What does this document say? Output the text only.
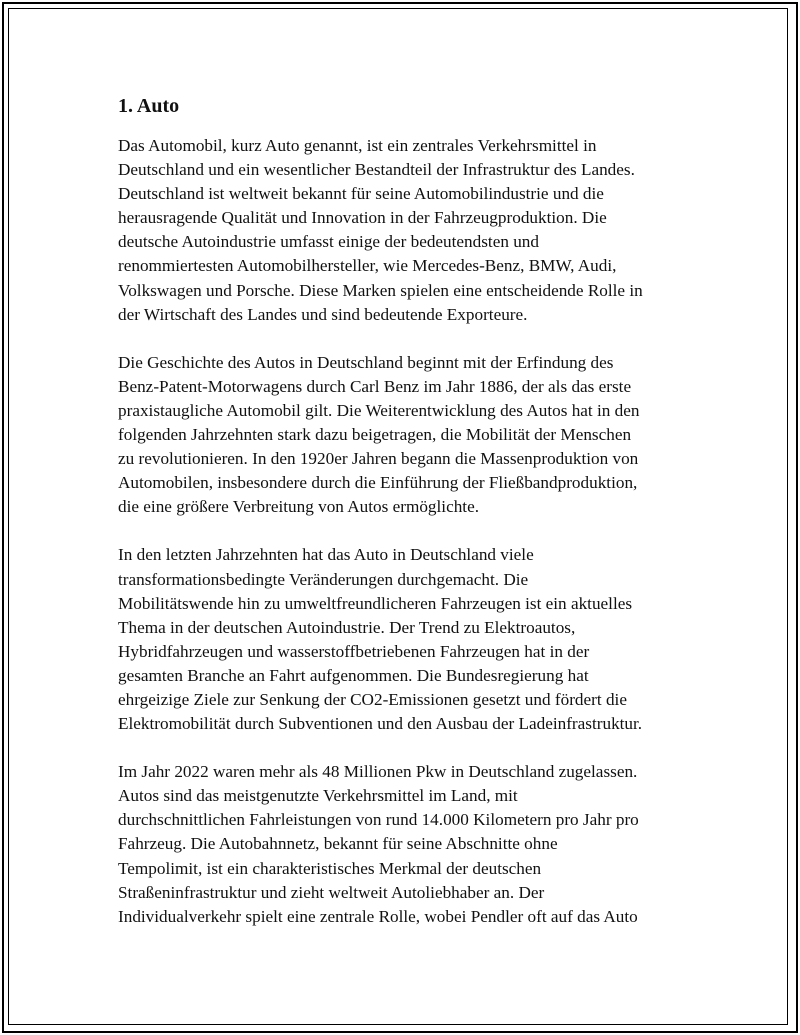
1. Auto
Das Automobil, kurz Auto genannt, ist ein zentrales Verkehrsmittel in
Deutschland und ein wesentlicher Bestandteil der Infrastruktur des Landes.
Deutschland ist weltweit bekannt für seine Automobilindustrie und die
herausragende Qualität und Innovation in der Fahrzeugproduktion. Die
deutsche Autoindustrie umfasst einige der bedeutendsten und
renommiertesten Automobilhersteller, wie Mercedes-Benz, BMW, Audi,
Volkswagen und Porsche. Diese Marken spielen eine entscheidende Rolle in
der Wirtschaft des Landes und sind bedeutende Exporteure.
Die Geschichte des Autos in Deutschland beginnt mit der Erfindung des
Benz-Patent-Motorwagens durch Carl Benz im Jahr 1886, der als das erste
praxistaugliche Automobil gilt. Die Weiterentwicklung des Autos hat in den
folgenden Jahrzehnten stark dazu beigetragen, die Mobilität der Menschen
zu revolutionieren. In den 1920er Jahren begann die Massenproduktion von
Automobilen, insbesondere durch die Einführung der Fließbandproduktion,
die eine größere Verbreitung von Autos ermöglichte.
In den letzten Jahrzehnten hat das Auto in Deutschland viele
transformationsbedingte Veränderungen durchgemacht. Die
Mobilitätswende hin zu umweltfreundlicheren Fahrzeugen ist ein aktuelles
Thema in der deutschen Autoindustrie. Der Trend zu Elektroautos,
Hybridfahrzeugen und wasserstoffbetriebenen Fahrzeugen hat in der
gesamten Branche an Fahrt aufgenommen. Die Bundesregierung hat
ehrgeizige Ziele zur Senkung der CO2-Emissionen gesetzt und fördert die
Elektromobilität durch Subventionen und den Ausbau der Ladeinfrastruktur.
Im Jahr 2022 waren mehr als 48 Millionen Pkw in Deutschland zugelassen.
Autos sind das meistgenutzte Verkehrsmittel im Land, mit
durchschnittlichen Fahrleistungen von rund 14.000 Kilometern pro Jahr pro
Fahrzeug. Die Autobahnnetz, bekannt für seine Abschnitte ohne
Tempolimit, ist ein charakteristisches Merkmal der deutschen
Straßeninfrastruktur und zieht weltweit Autoliebhaber an. Der
Individualverkehr spielt eine zentrale Rolle, wobei Pendler oft auf das Auto
